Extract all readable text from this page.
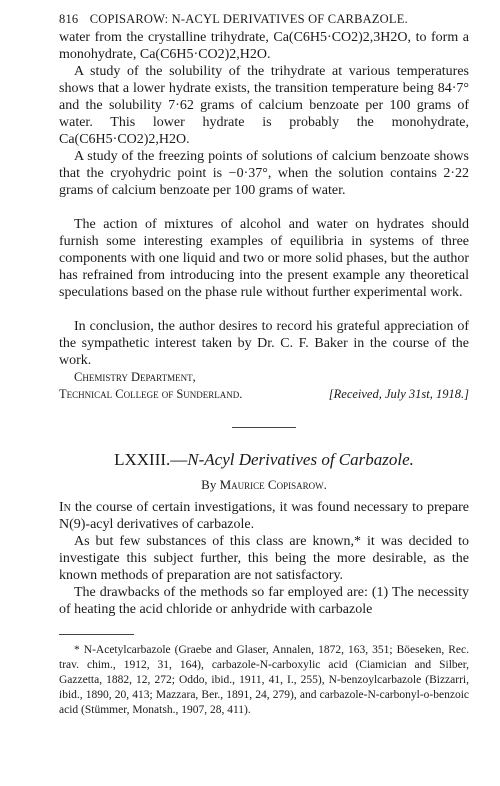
816 COPISAROW: N-ACYL DERIVATIVES OF CARBAZOLE.

water from the crystalline trihydrate, Ca(C6H5·CO2)2,3H2O, to form a monohydrate, Ca(C6H5·CO2)2,H2O.

A study of the solubility of the trihydrate at various temperatures shows that a lower hydrate exists, the transition temperature being 84·7° and the solubility 7·62 grams of calcium benzoate per 100 grams of water. This lower hydrate is probably the monohydrate, Ca(C6H5·CO2)2,H2O.

A study of the freezing points of solutions of calcium benzoate shows that the cryohydric point is −0·37°, when the solution contains 2·22 grams of calcium benzoate per 100 grams of water.

The action of mixtures of alcohol and water on hydrates should furnish some interesting examples of equilibria in systems of three components with one liquid and two or more solid phases, but the author has refrained from introducing into the present example any theoretical speculations based on the phase rule without further experimental work.

In conclusion, the author desires to record his grateful appreciation of the sympathetic interest taken by Dr. C. F. Baker in the course of the work.

Chemistry Department,
Technical College of Sunderland.	[Received, July 31st, 1918.]
LXXIII.—N-Acyl Derivatives of Carbazole.
By Maurice Copisarow.

In the course of certain investigations, it was found necessary to prepare N(9)-acyl derivatives of carbazole.

As but few substances of this class are known,* it was decided to investigate this subject further, this being the more desirable, as the known methods of preparation are not satisfactory.

The drawbacks of the methods so far employed are: (1) The necessity of heating the acid chloride or anhydride with carbazole

* N-Acetylcarbazole (Graebe and Glaser, Annalen, 1872, 163, 351; Böeseken, Rec. trav. chim., 1912, 31, 164), carbazole-N-carboxylic acid (Ciamician and Silber, Gazzetta, 1882, 12, 272; Oddo, ibid., 1911, 41, I., 255), N-benzoylcarbazole (Bizzarri, ibid., 1890, 20, 413; Mazzara, Ber., 1891, 24, 279), and carbazole-N-carbonyl-o-benzoic acid (Stümmer, Monatsh., 1907, 28, 411).
